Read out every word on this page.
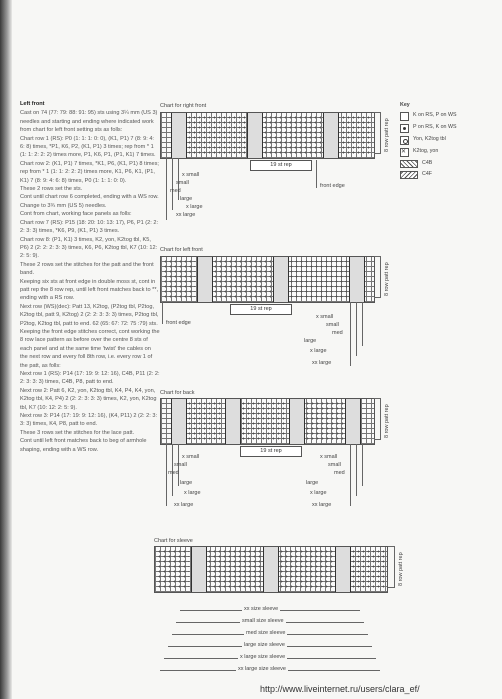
Left front

Cast on 74 (77: 79: 88: 91: 95) sts using 3¼ mm (US 3) needles and starting and ending where indicated work from chart for left front setting sts as folls:

Chart row 1 (RS): P0 (1: 1: 1: 0: 0), (K1, P1) 7 (8: 9: 4: 6: 8) times, *P1, K6, P2, (K1, P1) 3 times; rep from * 1 (1: 1: 2: 2: 2) times more, P1, K6, P1, (P1, K1) 7 times.

Chart row 2: (K1, P1) 7 times, *K1, P6, (K1, P1) 8 times; rep from * 1 (1: 1: 2: 2: 2) times more, K1, P6, K1, (P1, K1) 7 (8: 9: 4: 6: 8) times, P0 (1: 1: 1: 0: 0).

These 2 rows set the sts.

Cont until chart row 6 completed, ending with a WS row.

Change to 3¾ mm (US 5) needles.

Cont from chart, working face panels as folls:

Chart row 7 (RS): P15 (18: 20: 10: 13: 17), P6, P1 (2: 2: 2: 3: 3) times, *K6, P9, (K1, P1) 3 times.

Chart row 8: (P1, K1) 3 times, K2, yon, K2tog tbl, K5, P6) 2 (2: 2: 2: 3: 3) times, K6, P6, K2tog tbl, K7 (10: 12: 2: 5: 9).

These 2 rows set the stitches for the patt and the front band.

Keeping six sts at front edge in double moss st, cont in patt rep the 8 row rep, until left front matches back to **, ending with a RS row.

Next row (WS)(dec): Patt 13, K2tog, (P2tog tbl, P2tog, K2tog tbl, patt 9, K2tog) 2 (2: 2: 3: 3: 3) times, P2tog tbl, P2tog, K2tog tbl, patt to end. 62 (65: 67: 72: 75 :79) sts.

Keeping the front edge stitches correct, cont working the 8 row lace pattern as before over the centre 8 sts of each panel and at the same time 'twist' the cables on the next row and every foll 8th row, i.e. every row 1 of the patt, as folls:

Next row 1 (RS): P14 (17: 19: 9: 12: 16), C4B, P11 (2: 2: 2: 3: 3: 3) times, C4B, P8, patt to end.

Next row 2: Patt 6, K2, yon, K2tog tbl, K4, P4, K4, yon, K2tog tbl, K4, P4) 2 (2: 2: 3: 3: 3) times, K2, yon, K2tog tbl, K7 (10: 12: 2: 5: 9).

Next row 3: P14 (17: 19: 9: 12: 16), (K4, P11) 2 (2: 2: 3: 3: 3) times, K4, P8, patt to end.

These 3 rows set the stitches for the lace patt.

Cont until left front matches back to beg of armhole shaping, ending with a WS row.

Key
K on RS, P on WS
P on RS, K on WS
Yon, K2tog tbl
✕
K2tog, yon
C4B
C4F
Chart for right front
8 row patt rep
19 st rep
front edge
x small
small
med
large
x large
xx large
Chart for left front
8 row patt rep
19 st rep
front edge
x small
small
med
large
x large
xx large
Chart for back
8 row patt rep
19 st rep
x small
small
med
large
x large
xx large
x small
small
med
large
x large
xx large
Chart for sleeve
8 row patt rep
xx size sleeve
small size sleeve
med size sleeve
large size sleeve
x large size sleeve
xx large size sleeve
http://www.liveinternet.ru/users/clara_ef/
